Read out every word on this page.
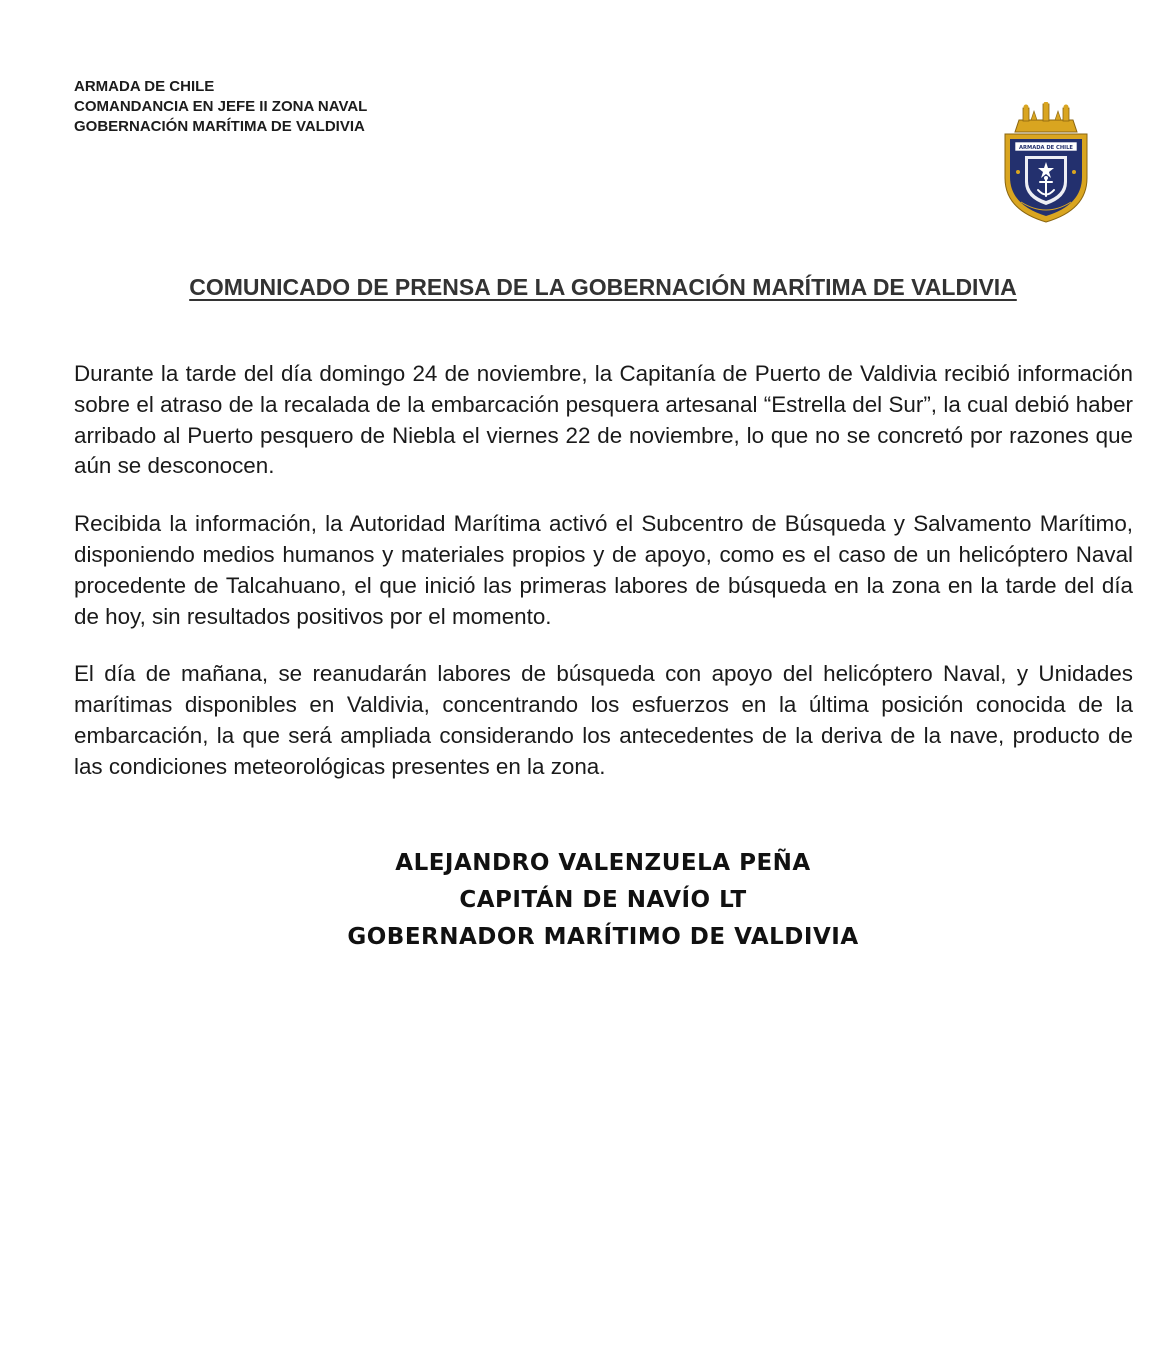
ARMADA DE CHILE
COMANDANCIA EN JEFE II ZONA NAVAL
GOBERNACIÓN MARÍTIMA DE VALDIVIA
ARMADA DE CHILE
COMUNICADO DE PRENSA DE LA GOBERNACIÓN MARÍTIMA DE VALDIVIA

Durante la tarde del día domingo 24 de noviembre, la Capitanía de Puerto de Valdivia recibió información sobre el atraso de la recalada de la embarcación pesquera artesanal “Estrella del Sur”, la cual debió haber arribado al Puerto pesquero de Niebla el viernes 22 de noviembre, lo que no se concretó por razones que aún se desconocen.

Recibida la información, la Autoridad Marítima activó el Subcentro de Búsqueda y Salvamento Marítimo, disponiendo medios humanos y materiales propios y de apoyo, como es el caso de un helicóptero Naval procedente de Talcahuano, el que inició las primeras labores de búsqueda en la zona en la tarde del día de hoy, sin resultados positivos por el momento.

El día de mañana, se reanudarán labores de búsqueda con apoyo del helicóptero Naval, y Unidades marítimas disponibles en Valdivia, concentrando los esfuerzos en la última posición conocida de la embarcación, la que será ampliada considerando los antecedentes de la deriva de la nave, producto de las condiciones meteorológicas presentes en la zona.

ALEJANDRO VALENZUELA PEÑA
CAPITÁN DE NAVÍO LT
GOBERNADOR MARÍTIMO DE VALDIVIA
